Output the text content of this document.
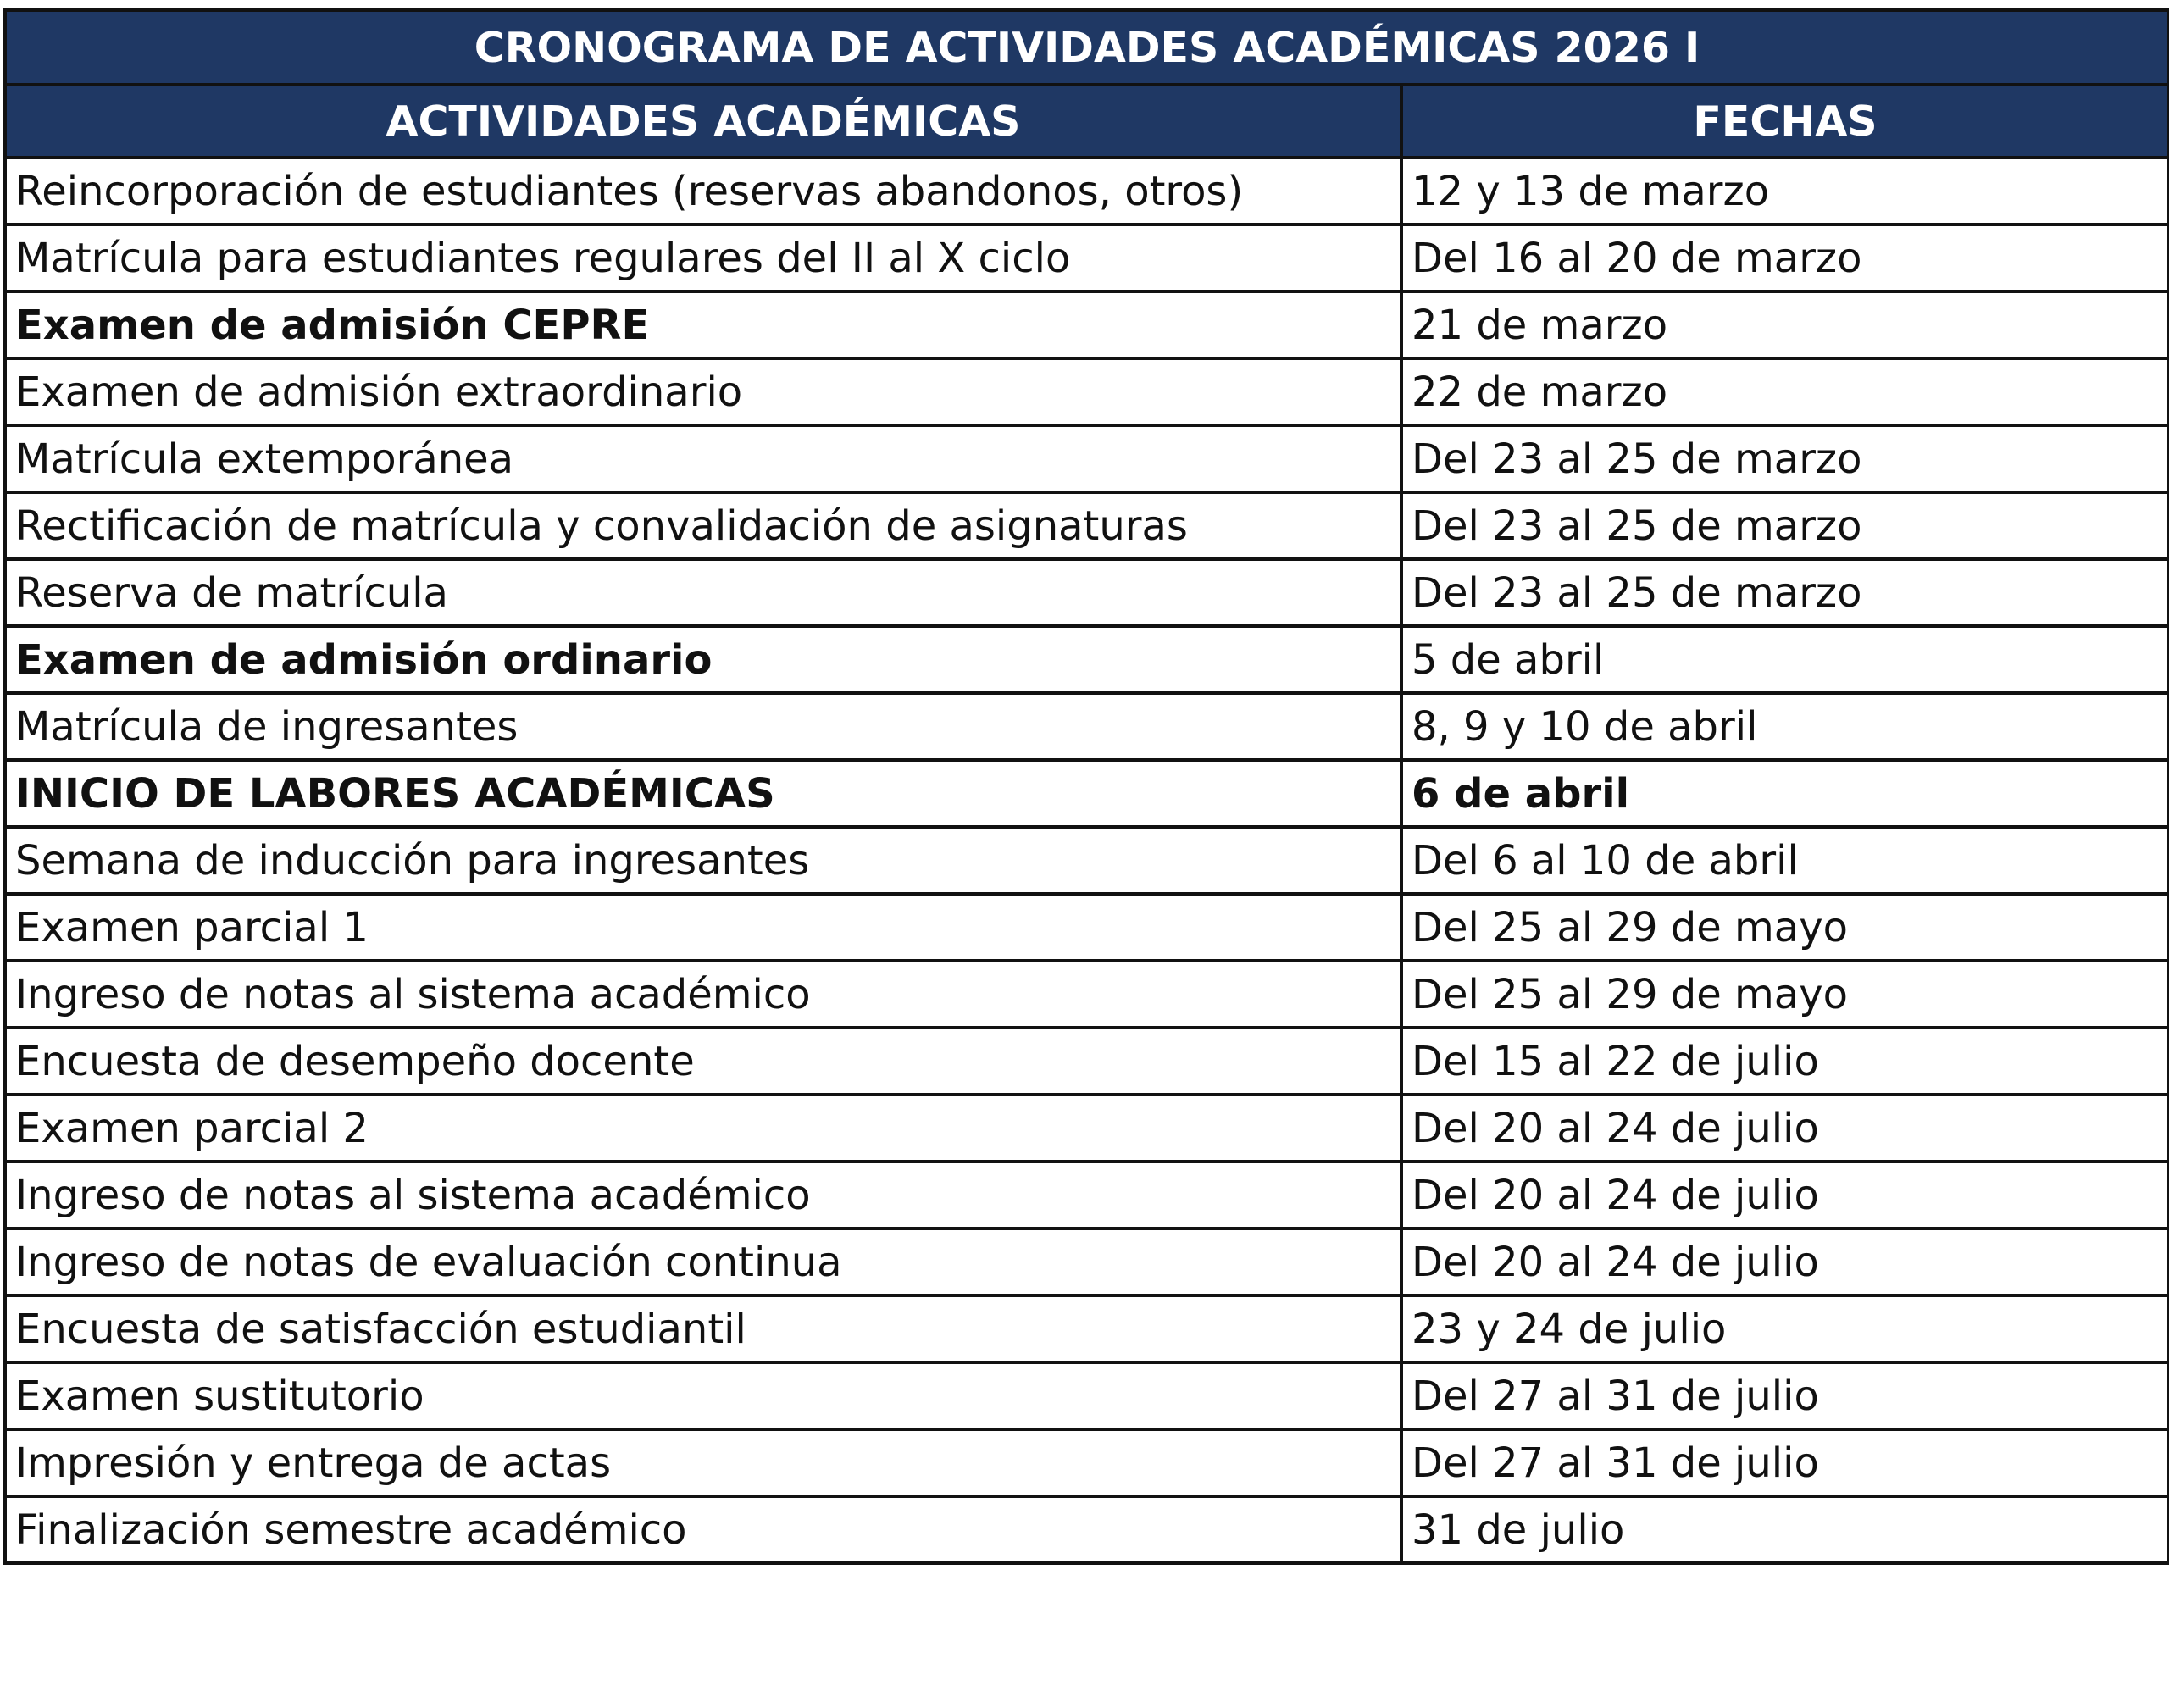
CRONOGRAMA DE ACTIVIDADES ACADÉMICAS 2026 I	
ACTIVIDADES ACADÉMICAS	FECHAS
Reincorporación de estudiantes (reservas abandonos, otros)	12 y 13 de marzo
Matrícula para estudiantes regulares del II al X ciclo	Del 16 al 20 de marzo
Examen de admisión CEPRE	21 de marzo
Examen de admisión extraordinario	22 de marzo
Matrícula extemporánea	Del 23 al 25 de marzo
Rectificación de matrícula y convalidación de asignaturas	Del 23 al 25 de marzo
Reserva de matrícula	Del 23 al 25 de marzo
Examen de admisión ordinario	5 de abril
Matrícula de ingresantes	8, 9 y 10 de abril
INICIO DE LABORES ACADÉMICAS	6 de abril
Semana de inducción para ingresantes	Del 6 al 10 de abril
Examen parcial 1	Del 25 al 29 de mayo
Ingreso de notas al sistema académico	Del 25 al 29 de mayo
Encuesta de desempeño docente	Del 15 al 22 de julio
Examen parcial 2	Del 20 al 24 de julio
Ingreso de notas al sistema académico	Del 20 al 24 de julio
Ingreso de notas de evaluación continua	Del 20 al 24 de julio
Encuesta de satisfacción estudiantil	23 y 24 de julio
Examen sustitutorio	Del 27 al 31 de julio
Impresión y entrega de actas	Del 27 al 31 de julio
Finalización semestre académico	31 de julio
